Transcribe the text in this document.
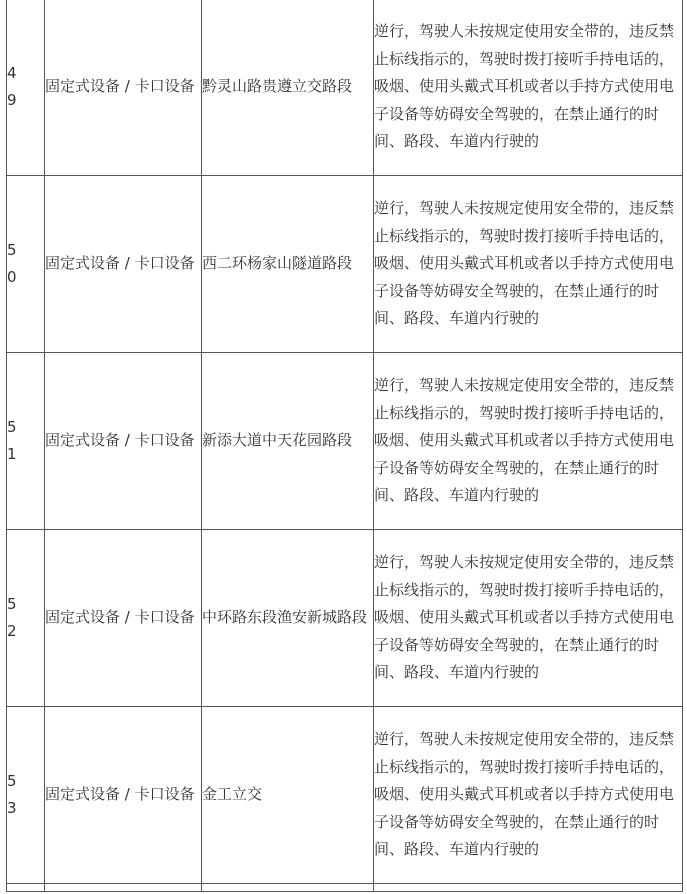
49	固定式设备 / 卡口设备	黔灵山路贵遵立交路段	逆行，驾驶人未按规定使用安全带的，违反禁止标线指示的，驾驶时拨打接听手持电话的，吸烟、使用头戴式耳机或者以手持方式使用电子设备等妨碍安全驾驶的，在禁止通行的时间、路段、车道内行驶的

50	固定式设备 / 卡口设备	西二环杨家山隧道路段	逆行，驾驶人未按规定使用安全带的，违反禁止标线指示的，驾驶时拨打接听手持电话的，吸烟、使用头戴式耳机或者以手持方式使用电子设备等妨碍安全驾驶的，在禁止通行的时间、路段、车道内行驶的

51	固定式设备 / 卡口设备	新添大道中天花园路段	逆行，驾驶人未按规定使用安全带的，违反禁止标线指示的，驾驶时拨打接听手持电话的，吸烟、使用头戴式耳机或者以手持方式使用电子设备等妨碍安全驾驶的，在禁止通行的时间、路段、车道内行驶的

52	固定式设备 / 卡口设备	中环路东段渔安新城路段	逆行，驾驶人未按规定使用安全带的，违反禁止标线指示的，驾驶时拨打接听手持电话的，吸烟、使用头戴式耳机或者以手持方式使用电子设备等妨碍安全驾驶的，在禁止通行的时间、路段、车道内行驶的

53	固定式设备 / 卡口设备	金工立交	逆行，驾驶人未按规定使用安全带的，违反禁止标线指示的，驾驶时拨打接听手持电话的，吸烟、使用头戴式耳机或者以手持方式使用电子设备等妨碍安全驾驶的，在禁止通行的时间、路段、车道内行驶的
